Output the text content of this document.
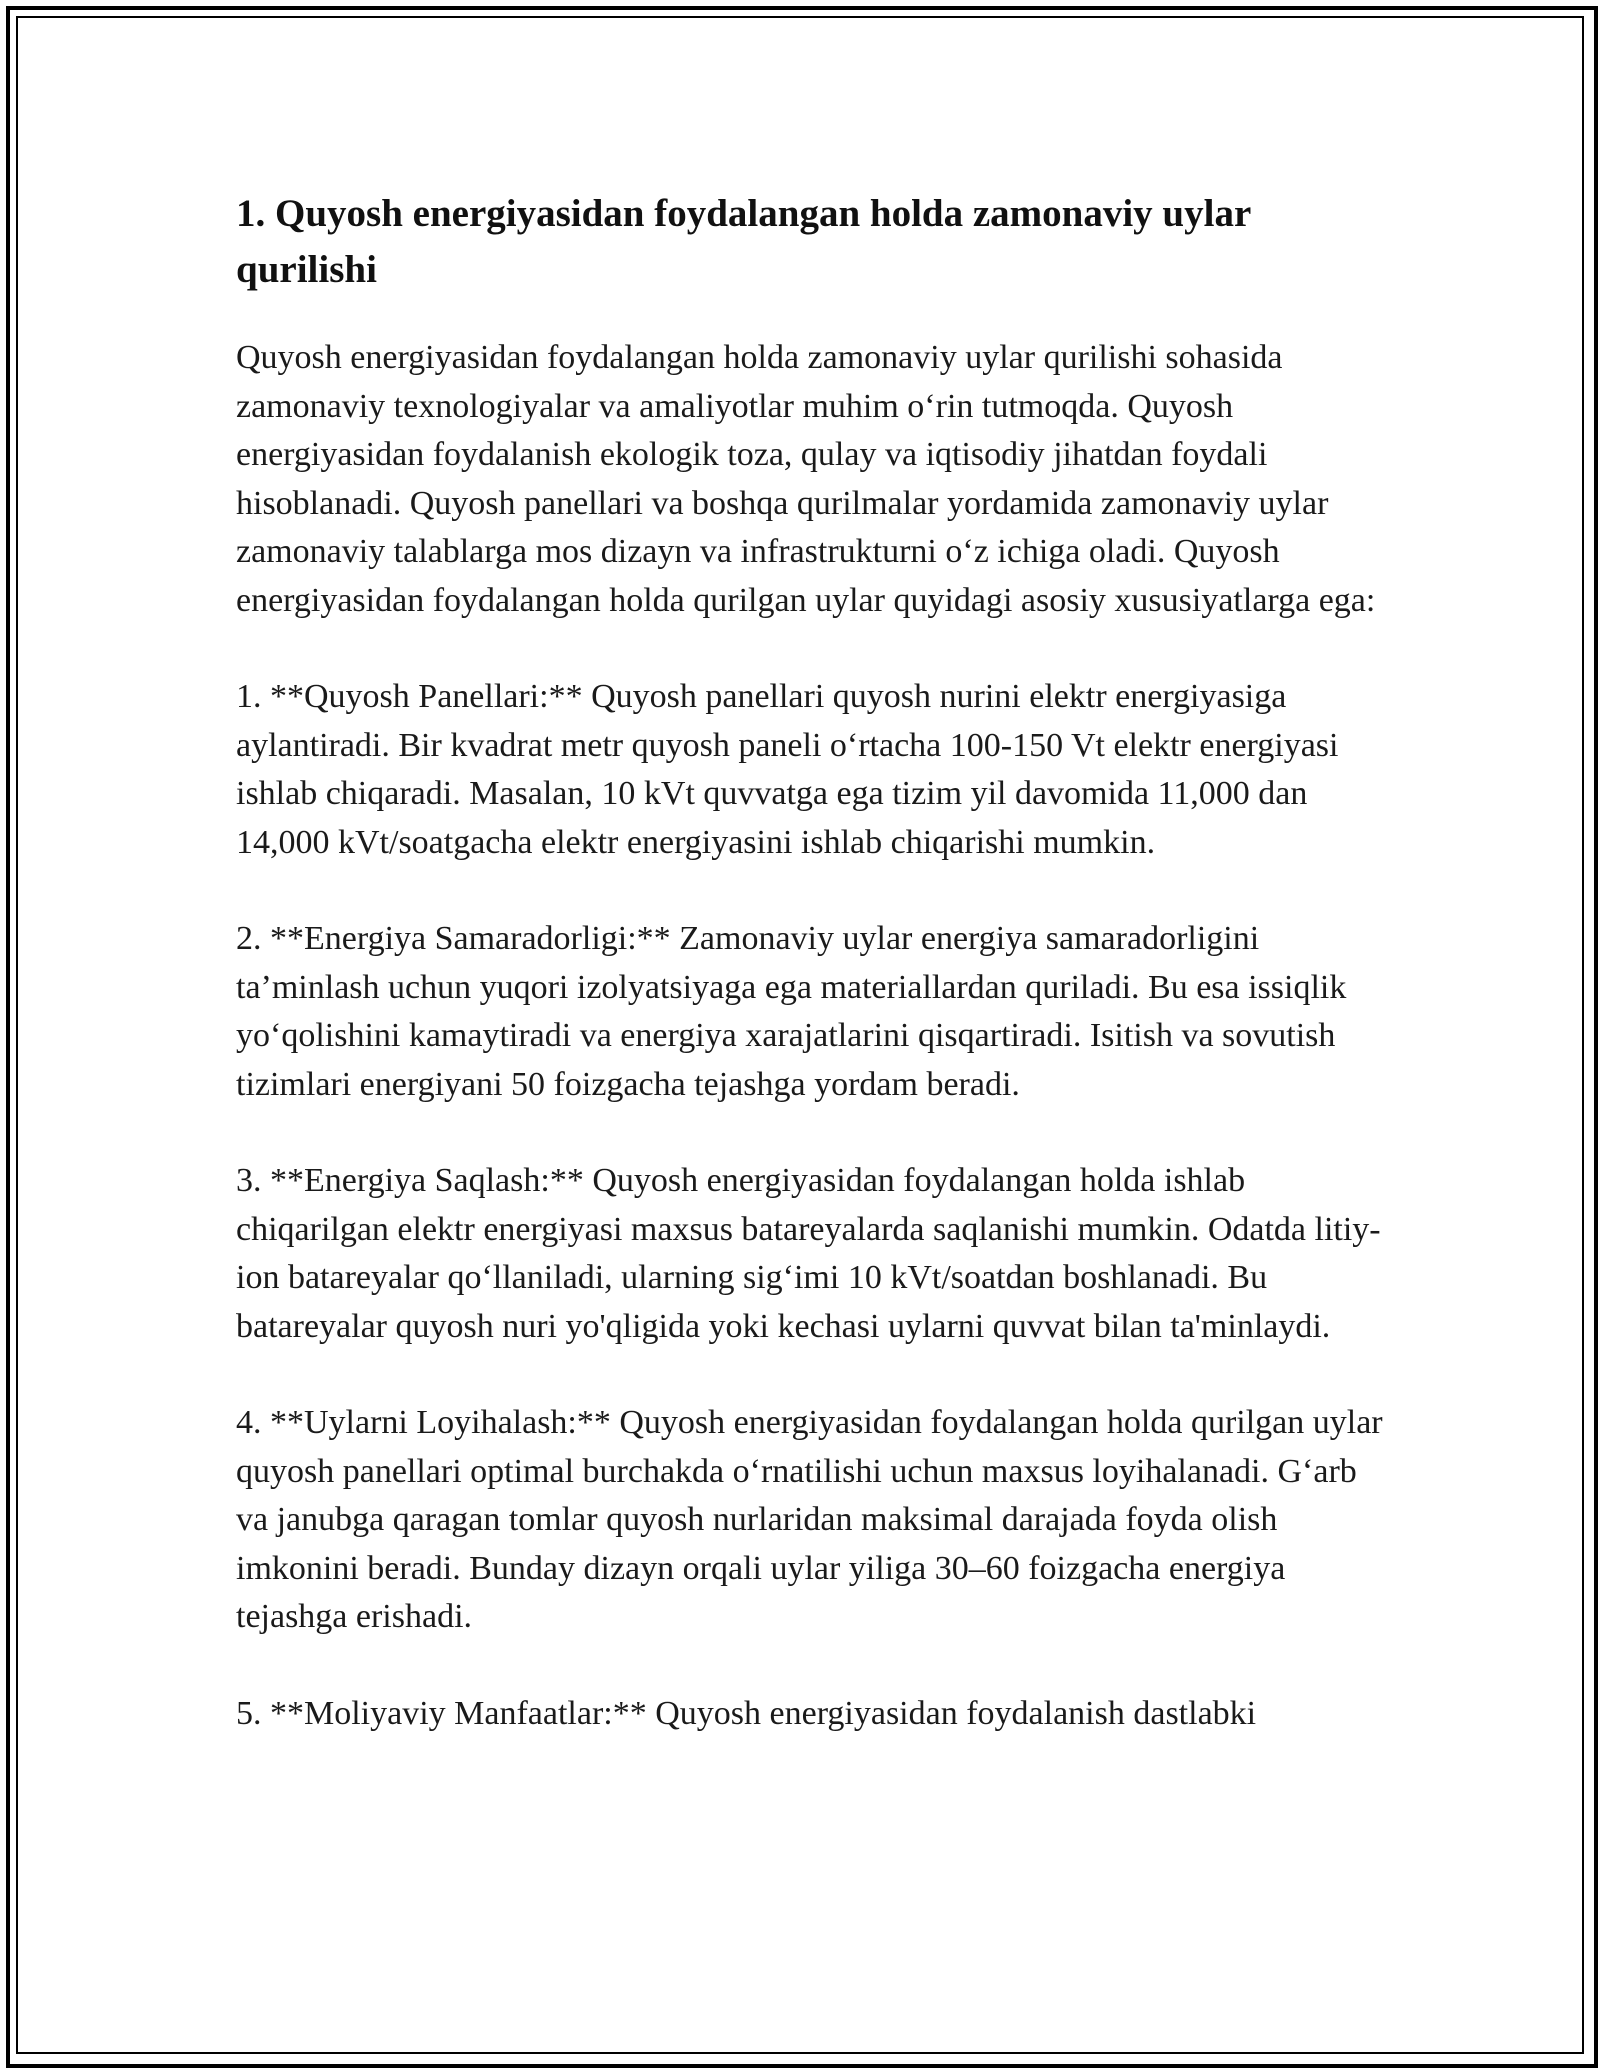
1. Quyosh energiyasidan foydalangan holda zamonaviy uylar qurilishi

Quyosh energiyasidan foydalangan holda zamonaviy uylar qurilishi sohasida zamonaviy texnologiyalar va amaliyotlar muhim o‘rin tutmoqda. Quyosh energiyasidan foydalanish ekologik toza, qulay va iqtisodiy jihatdan foydali hisoblanadi. Quyosh panellari va boshqa qurilmalar yordamida zamonaviy uylar zamonaviy talablarga mos dizayn va infrastrukturni o‘z ichiga oladi. Quyosh energiyasidan foydalangan holda qurilgan uylar quyidagi asosiy xususiyatlarga ega:

1. **Quyosh Panellari:** Quyosh panellari quyosh nurini elektr energiyasiga aylantiradi. Bir kvadrat metr quyosh paneli o‘rtacha 100-150 Vt elektr energiyasi ishlab chiqaradi. Masalan, 10 kVt quvvatga ega tizim yil davomida 11,000 dan 14,000 kVt/soatgacha elektr energiyasini ishlab chiqarishi mumkin.

2. **Energiya Samaradorligi:** Zamonaviy uylar energiya samaradorligini ta’minlash uchun yuqori izolyatsiyaga ega materiallardan quriladi. Bu esa issiqlik yo‘qolishini kamaytiradi va energiya xarajatlarini qisqartiradi. Isitish va sovutish tizimlari energiyani 50 foizgacha tejashga yordam beradi.

3. **Energiya Saqlash:** Quyosh energiyasidan foydalangan holda ishlab chiqarilgan elektr energiyasi maxsus batareyalarda saqlanishi mumkin. Odatda litiy-ion batareyalar qo‘llaniladi, ularning sig‘imi 10 kVt/soatdan boshlanadi. Bu batareyalar quyosh nuri yo'qligida yoki kechasi uylarni quvvat bilan ta'minlaydi.

4. **Uylarni Loyihalash:** Quyosh energiyasidan foydalangan holda qurilgan uylar quyosh panellari optimal burchakda o‘rnatilishi uchun maxsus loyihalanadi. G‘arb va janubga qaragan tomlar quyosh nurlaridan maksimal darajada foyda olish imkonini beradi. Bunday dizayn orqali uylar yiliga 30–60 foizgacha energiya tejashga erishadi.

5. **Moliyaviy Manfaatlar:** Quyosh energiyasidan foydalanish dastlabki
